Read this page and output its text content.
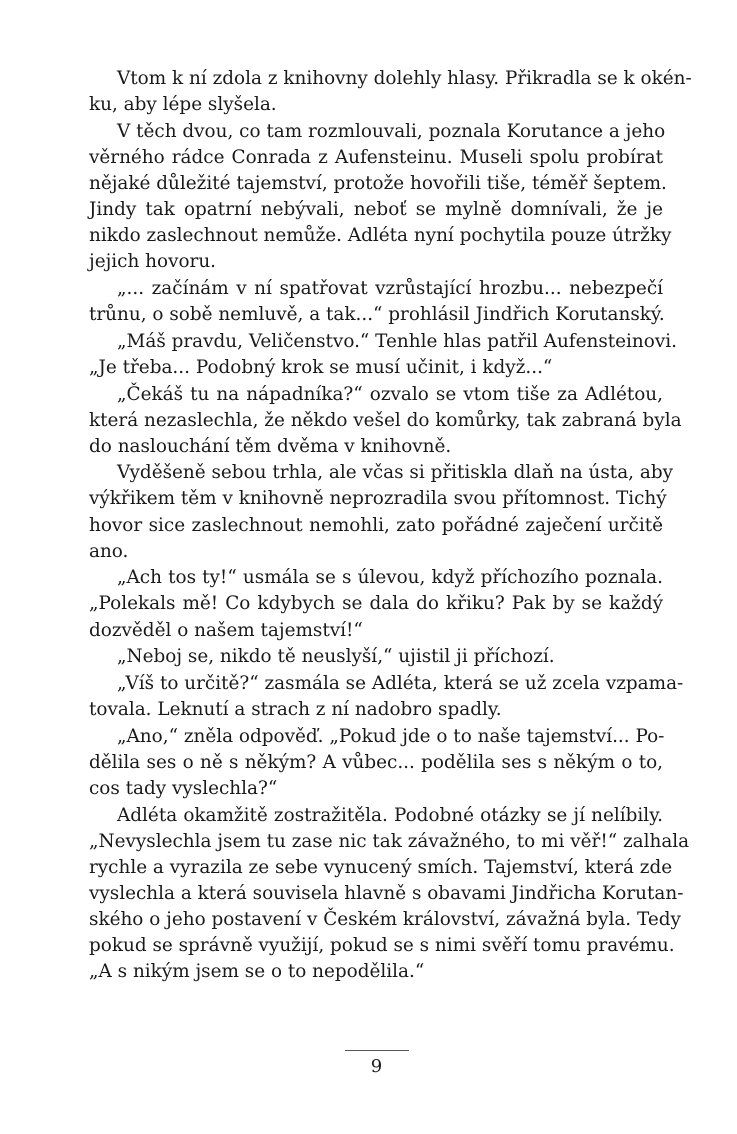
Vtom k ní zdola z knihovny dolehly hlasy. Přikradla se k okén-
ku, aby lépe slyšela.
V těch dvou, co tam rozmlouvali, poznala Korutance a jeho
věrného rádce Conrada z Aufensteinu. Museli spolu probírat
nějaké důležité tajemství, protože hovořili tiše, téměř šeptem.
Jindy tak opatrní nebývali, neboť se mylně domnívali, že je
nikdo zaslechnout nemůže. Adléta nyní pochytila pouze útržky
jejich hovoru.
„... začínám v ní spatřovat vzrůstající hrozbu... nebezpečí
trůnu, o sobě nemluvě, a tak...“ prohlásil Jindřich Korutanský.
„Máš pravdu, Veličenstvo.“ Tenhle hlas patřil Aufensteinovi.
„Je třeba... Podobný krok se musí učinit, i když...“
„Čekáš tu na nápadníka?“ ozvalo se vtom tiše za Adlétou,
která nezaslechla, že někdo vešel do komůrky, tak zabraná byla
do naslouchání těm dvěma v knihovně.
Vyděšeně sebou trhla, ale včas si přitiskla dlaň na ústa, aby
výkřikem těm v knihovně neprozradila svou přítomnost. Tichý
hovor sice zaslechnout nemohli, zato pořádné zaječení určitě
ano.
„Ach tos ty!“ usmála se s úlevou, když příchozího poznala.
„Polekals mě! Co kdybych se dala do křiku? Pak by se každý
dozvěděl o našem tajemství!“
„Neboj se, nikdo tě neuslyší,“ ujistil ji příchozí.
„Víš to určitě?“ zasmála se Adléta, která se už zcela vzpama-
tovala. Leknutí a strach z ní nadobro spadly.
„Ano,“ zněla odpověď. „Pokud jde o to naše tajemství... Po-
dělila ses o ně s někým? A vůbec... podělila ses s někým o to,
cos tady vyslechla?“
Adléta okamžitě zostražitěla. Podobné otázky se jí nelíbily.
„Nevyslechla jsem tu zase nic tak závažného, to mi věř!“ zalhala
rychle a vyrazila ze sebe vynucený smích. Tajemství, která zde
vyslechla a která souvisela hlavně s obavami Jindřicha Korutan-
ského o jeho postavení v Českém království, závažná byla. Tedy
pokud se správně využijí, pokud se s nimi svěří tomu pravému.
„A s nikým jsem se o to nepodělila.“
9
